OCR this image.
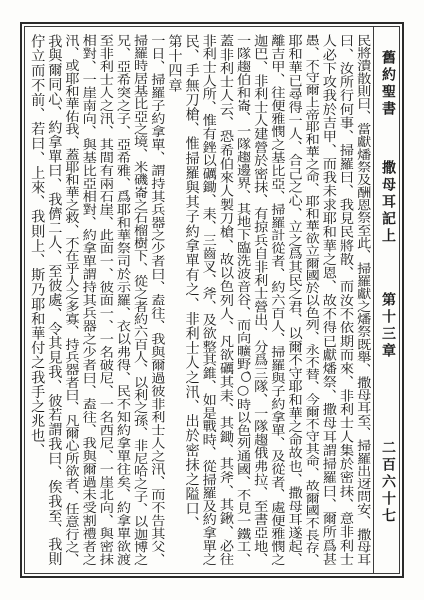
舊約聖書
撒母耳記上
第十三章
二百六十七
民將潰散則曰、當獻燔祭及酬恩祭至此、掃羅獻之燔祭既舉、撒母耳至、掃羅出迓問安、撒母耳
曰、汝所行何事、掃羅曰、我見民將散、而汝不依期而來、非利士人集於密抹、意非利士
人必下攻我於吉甲、而我未求耶和華之恩、故不得已獻燔祭、撒母耳謂掃羅曰、爾所爲甚
愚、不守爾上帝耶和華之命、耶和華欲立爾國於以色列、永不替、今爾不守其命、故爾國不長存、
耶和華已尋得一人、合己之心、立之爲其民之君、以爾不守耶和華之命故也、撒母耳遂起、
離吉甲、往便雅憫之基比亞、掃羅計從者、約六百人、掃羅與子約拿單、及從者、處便雅憫之
迦巴、非利士人建營於密抹、有掠兵自非利士營出、分爲三隊、一隊趨俄弗拉、至書亞地、
一隊趨伯和崙、一隊趨邊界、其地下臨洗波音谷、而向曠野、○時以色列通國、不見一鐵工、
蓋非利士人云、恐希伯來人製刀槍、故以色列人、凡欲礪其耒、其鋤、其斧、其鍬、必往
非利士人所、惟有銼以礪鋤、耒、三齒叉、斧、及欲整其錐、如是戰時、從掃羅及約拿單之
民、手無刀槍、惟掃羅與其子約拿單有之、非利士人之汛、出於密抹之隘口、
第十四章
一日、掃羅子約拿單、謂持其兵器之少者曰、盍往、我與爾過彼非利士人之汛、而不告其父、
掃羅時居基比亞之境、米磯崙之石榴樹下、從之者約六百人、以利之孫、非尼哈之子、以迦博之
兄、亞希突之子、亞希雅、爲耶和華祭司於示羅、衣以弗得、民不知約拿單往矣、約拿單欲渡
至非利士人之汛、其間有兩石崖、此面一、彼面一、一名破尼、一名西尼、一崖北向、與密抹
相對、一崖南向、與基比亞相對、約拿單謂持其兵器之少者曰、盍往、我與爾過未受割禮者之
汛、或耶和華佑我、蓋耶和華之救、不在乎人之多寡、持兵器者曰、凡爾心所欲者、任意行之、
我與爾同心、約拿單曰、我儕二人、至彼處、令其見我、彼若謂我曰、俟我至、我則
佇立而不前、若曰、上來、我則上、斯乃耶和華付之我手之兆也、
